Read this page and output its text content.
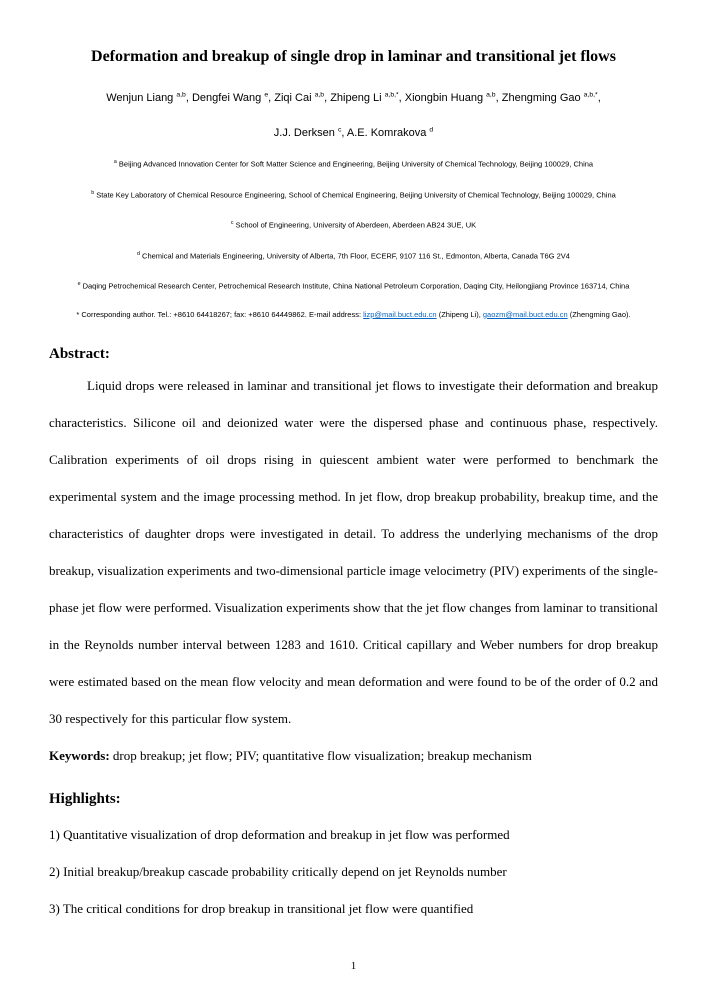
Deformation and breakup of single drop in laminar and transitional jet flows

Wenjun Liang $^{a,b}$, Dengfei Wang $^e$, Ziqi Cai $^{a,b}$, Zhipeng Li $^{a,b,*}$, Xiongbin Huang $^{a,b}$, Zhengming Gao $^{a,b,*}$,

J.J. Derksen $^c$, A.E. Komrakova $^d$

$^a$ Beijing Advanced Innovation Center for Soft Matter Science and Engineering, Beijing University of Chemical Technology, Beijing 100029, China

$^b$ State Key Laboratory of Chemical Resource Engineering, School of Chemical Engineering, Beijing University of Chemical Technology, Beijing 100029, China

$^c$ School of Engineering, University of Aberdeen, Aberdeen AB24 3UE, UK

$^d$ Chemical and Materials Engineering, University of Alberta, 7th Floor, ECERF, 9107 116 St., Edmonton, Alberta, Canada T6G 2V4

$^e$ Daqing Petrochemical Research Center, Petrochemical Research Institute, China National Petroleum Corporation, Daqing City, Heilongjiang Province 163714, China

* Corresponding author. Tel.: +8610 64418267; fax: +8610 64449862. E-mail address: lizp@mail.buct.edu.cn (Zhipeng Li), gaozm@mail.buct.edu.cn (Zhengming Gao).

Abstract:

Liquid drops were released in laminar and transitional jet flows to investigate their deformation and breakup characteristics. Silicone oil and deionized water were the dispersed phase and continuous phase, respectively. Calibration experiments of oil drops rising in quiescent ambient water were performed to benchmark the experimental system and the image processing method. In jet flow, drop breakup probability, breakup time, and the characteristics of daughter drops were investigated in detail. To address the underlying mechanisms of the drop breakup, visualization experiments and two-dimensional particle image velocimetry (PIV) experiments of the single-phase jet flow were performed. Visualization experiments show that the jet flow changes from laminar to transitional in the Reynolds number interval between 1283 and 1610. Critical capillary and Weber numbers for drop breakup were estimated based on the mean flow velocity and mean deformation and were found to be of the order of 0.2 and 30 respectively for this particular flow system.

Keywords: drop breakup; jet flow; PIV; quantitative flow visualization; breakup mechanism

Highlights:

1) Quantitative visualization of drop deformation and breakup in jet flow was performed

2) Initial breakup/breakup cascade probability critically depend on jet Reynolds number

3) The critical conditions for drop breakup in transitional jet flow were quantified

1
